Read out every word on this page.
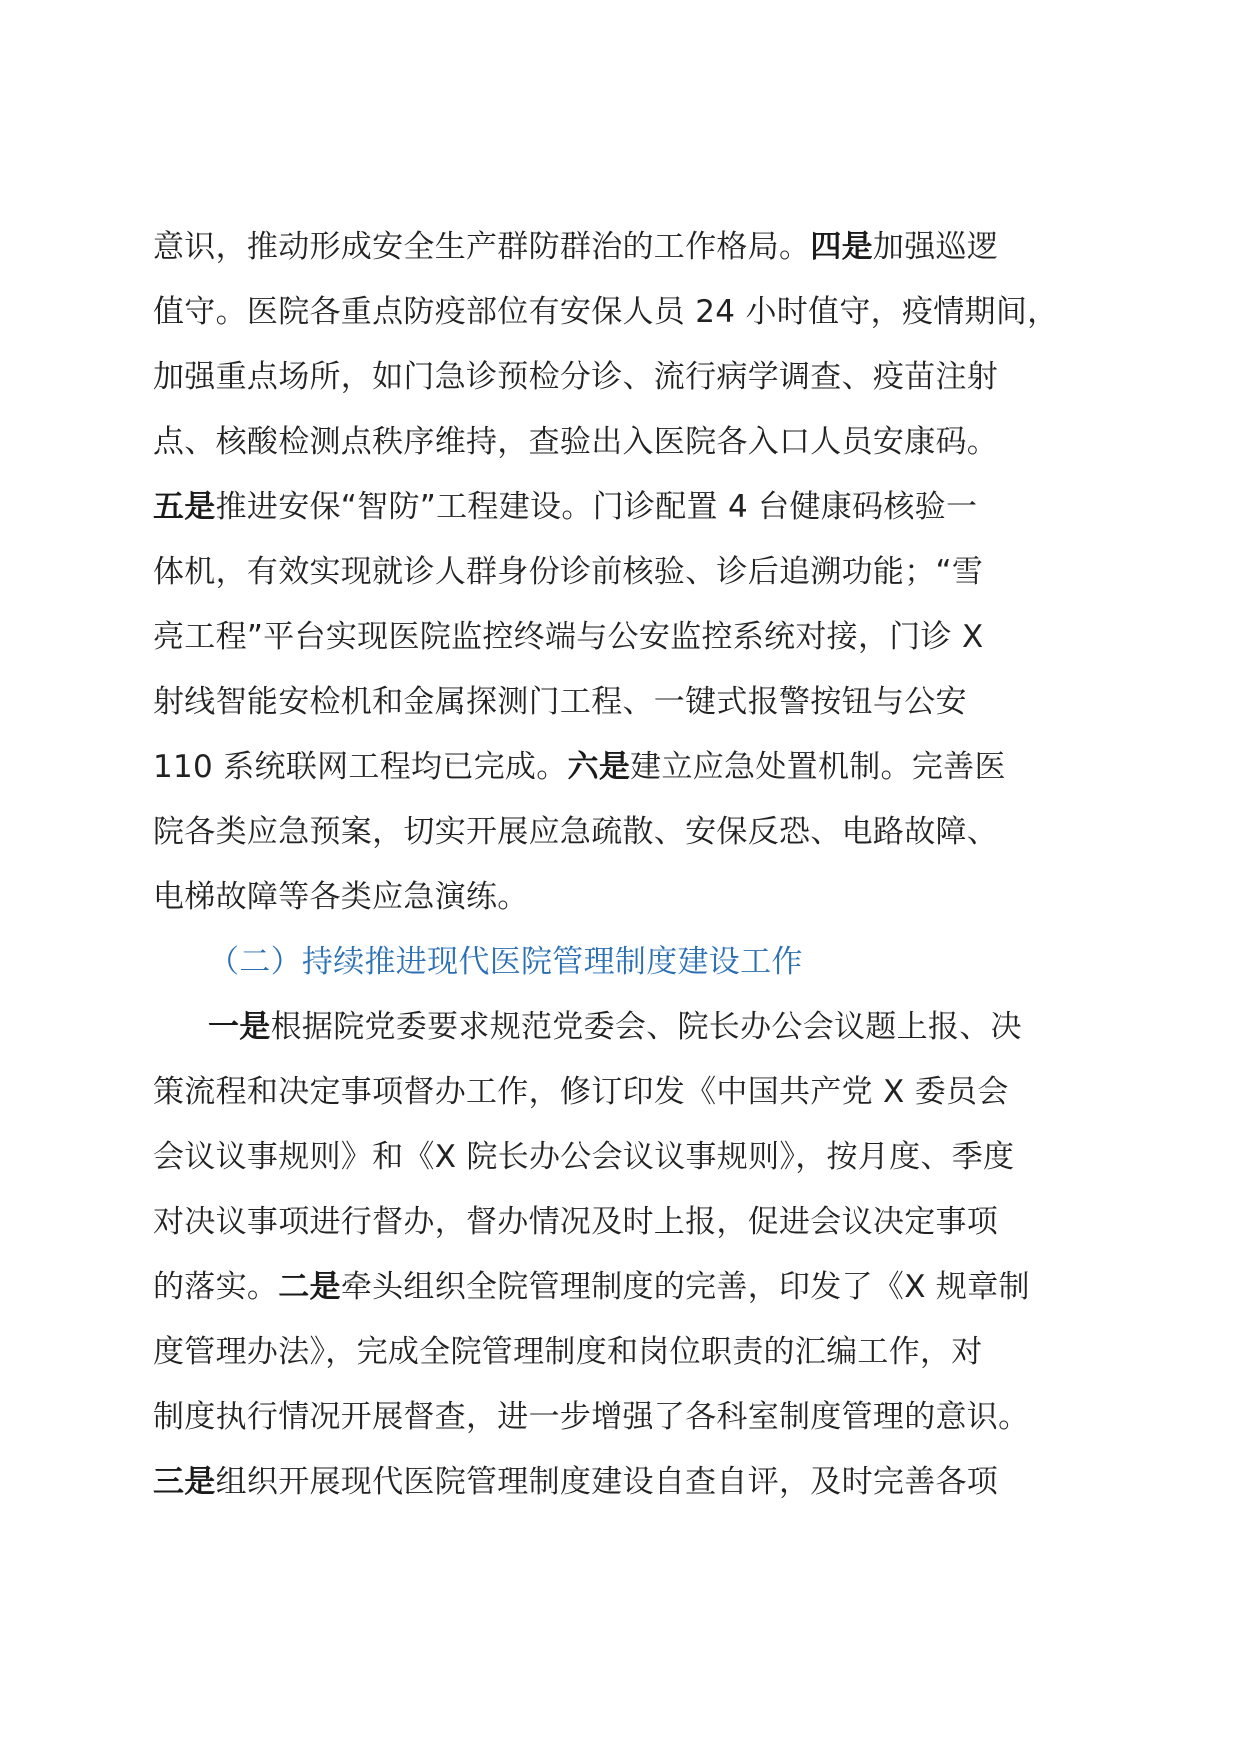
意识，推动形成安全生产群防群治的工作格局。四是加强巡逻
值守。医院各重点防疫部位有安保人员 24 小时值守，疫情期间，
加强重点场所，如门急诊预检分诊、流行病学调查、疫苗注射
点、核酸检测点秩序维持，查验出入医院各入口人员安康码。
五是推进安保“智防”工程建设。门诊配置 4 台健康码核验一
体机，有效实现就诊人群身份诊前核验、诊后追溯功能；“雪
亮工程”平台实现医院监控终端与公安监控系统对接，门诊 X
射线智能安检机和金属探测门工程、一键式报警按钮与公安
110 系统联网工程均已完成。六是建立应急处置机制。完善医
院各类应急预案，切实开展应急疏散、安保反恐、电路故障、
电梯故障等各类应急演练。
（二）持续推进现代医院管理制度建设工作
一是根据院党委要求规范党委会、院长办公会议题上报、决
策流程和决定事项督办工作，修订印发《中国共产党 X 委员会
会议议事规则》和《X 院长办公会议议事规则》，按月度、季度
对决议事项进行督办，督办情况及时上报，促进会议决定事项
的落实。二是牵头组织全院管理制度的完善，印发了《X 规章制
度管理办法》，完成全院管理制度和岗位职责的汇编工作，对
制度执行情况开展督查，进一步增强了各科室制度管理的意识。
三是组织开展现代医院管理制度建设自查自评，及时完善各项
